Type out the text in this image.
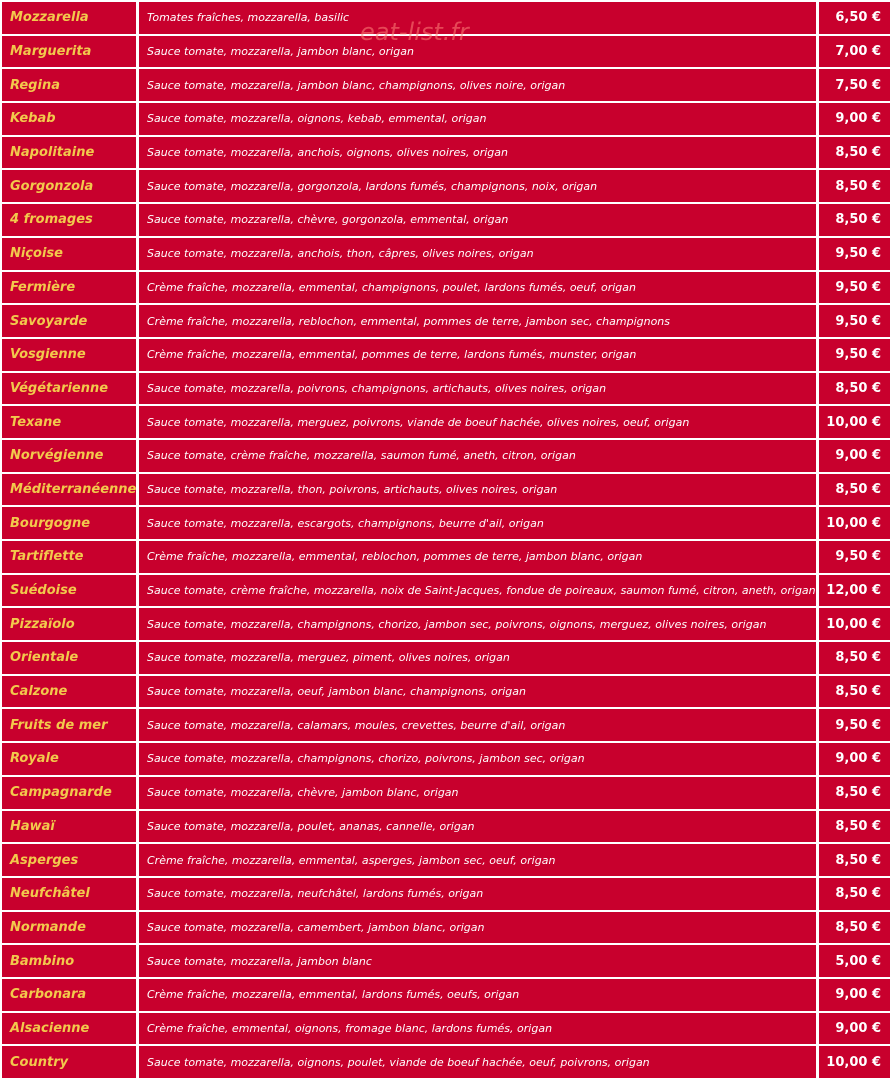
Mozzarella	Tomates fraîches, mozzarella, basilic	6,50 €
Marguerita	Sauce tomate, mozzarella, jambon blanc, origan	7,00 €
Regina	Sauce tomate, mozzarella, jambon blanc, champignons, olives noire, origan	7,50 €
Kebab	Sauce tomate, mozzarella, oignons, kebab, emmental, origan	9,00 €
Napolitaine	Sauce tomate, mozzarella, anchois, oignons, olives noires, origan	8,50 €
Gorgonzola	Sauce tomate, mozzarella, gorgonzola, lardons fumés, champignons, noix, origan	8,50 €
4 fromages	Sauce tomate, mozzarella, chèvre, gorgonzola, emmental, origan	8,50 €
Niçoise	Sauce tomate, mozzarella, anchois, thon, câpres, olives noires, origan	9,50 €
Fermière	Crème fraîche, mozzarella, emmental, champignons, poulet, lardons fumés, oeuf, origan	9,50 €
Savoyarde	Crème fraîche, mozzarella, reblochon, emmental, pommes de terre, jambon sec, champignons	9,50 €
Vosgienne	Crème fraîche, mozzarella, emmental, pommes de terre, lardons fumés, munster, origan	9,50 €
Végétarienne	Sauce tomate, mozzarella, poivrons, champignons, artichauts, olives noires, origan	8,50 €
Texane	Sauce tomate, mozzarella, merguez, poivrons, viande de boeuf hachée, olives noires, oeuf, origan	10,00 €
Norvégienne	Sauce tomate, crème fraîche, mozzarella, saumon fumé, aneth, citron, origan	9,00 €
Méditerranéenne Sauce tomate, mozzarella, thon, poivrons, artichauts, olives noires, origan	8,50 €
Bourgogne	Sauce tomate, mozzarella, escargots, champignons, beurre d'ail, origan	10,00 €
Tartiflette	Crème fraîche, mozzarella, emmental, reblochon, pommes de terre, jambon blanc, origan	9,50 €
Suédoise	Sauce tomate, crème fraîche, mozzarella, noix de Saint-Jacques, fondue de poireaux, saumon fumé, citron, aneth, origan 12,00 €
Pizzaïolo	Sauce tomate, mozzarella, champignons, chorizo, jambon sec, poivrons, oignons, merguez, olives noires, origan	10,00 €
Orientale	Sauce tomate, mozzarella, merguez, piment, olives noires, origan	8,50 €
Calzone	Sauce tomate, mozzarella, oeuf, jambon blanc, champignons, origan	8,50 €
Fruits de mer	Sauce tomate, mozzarella, calamars, moules, crevettes, beurre d'ail, origan	9,50 €
Royale	Sauce tomate, mozzarella, champignons, chorizo, poivrons, jambon sec, origan	9,00 €
Campagnarde	Sauce tomate, mozzarella, chèvre, jambon blanc, origan	8,50 €
Hawaï	Sauce tomate, mozzarella, poulet, ananas, cannelle, origan	8,50 €
Asperges	Crème fraîche, mozzarella, emmental, asperges, jambon sec, oeuf, origan	8,50 €
Neufchâtel	Sauce tomate, mozzarella, neufchâtel, lardons fumés, origan	8,50 €
Normande	Sauce tomate, mozzarella, camembert, jambon blanc, origan	8,50 €
Bambino	Sauce tomate, mozzarella, jambon blanc	5,00 €
Carbonara	Crème fraîche, mozzarella, emmental, lardons fumés, oeufs, origan	9,00 €
Alsacienne	Crème fraîche, emmental, oignons, fromage blanc, lardons fumés, origan	9,00 €
Country	Sauce tomate, mozzarella, oignons, poulet, viande de boeuf hachée, oeuf, poivrons, origan	10,00 €
eat-list.fr
